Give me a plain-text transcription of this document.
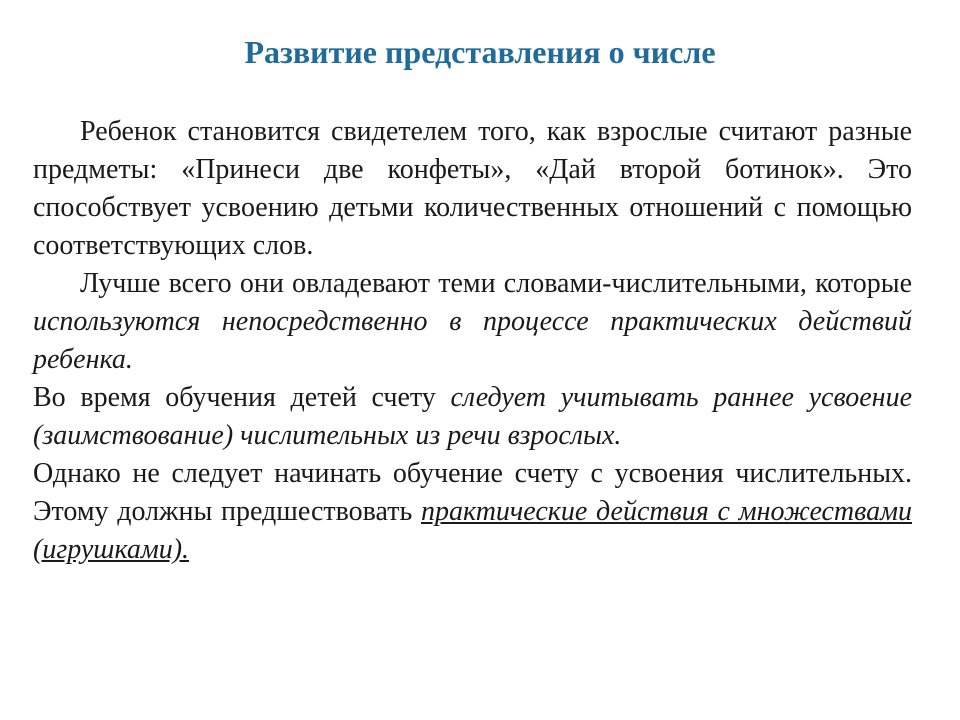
Развитие представления о числе

Ребенок становится свидетелем того, как взрослые считают разные предметы: «Принеси две конфеты», «Дай второй ботинок». Это способствует усвоению детьми количественных отношений с помощью соответствующих слов.

Лучше всего они овладевают теми словами-числительными, которые используются непосредственно в процессе практических действий ребенка.

Во время обучения детей счету следует учитывать раннее усвоение (заимствование) числительных из речи взрослых.

Однако не следует начинать обучение счету с усвоения числительных. Этому должны предшествовать практические действия с множествами (игрушками).
